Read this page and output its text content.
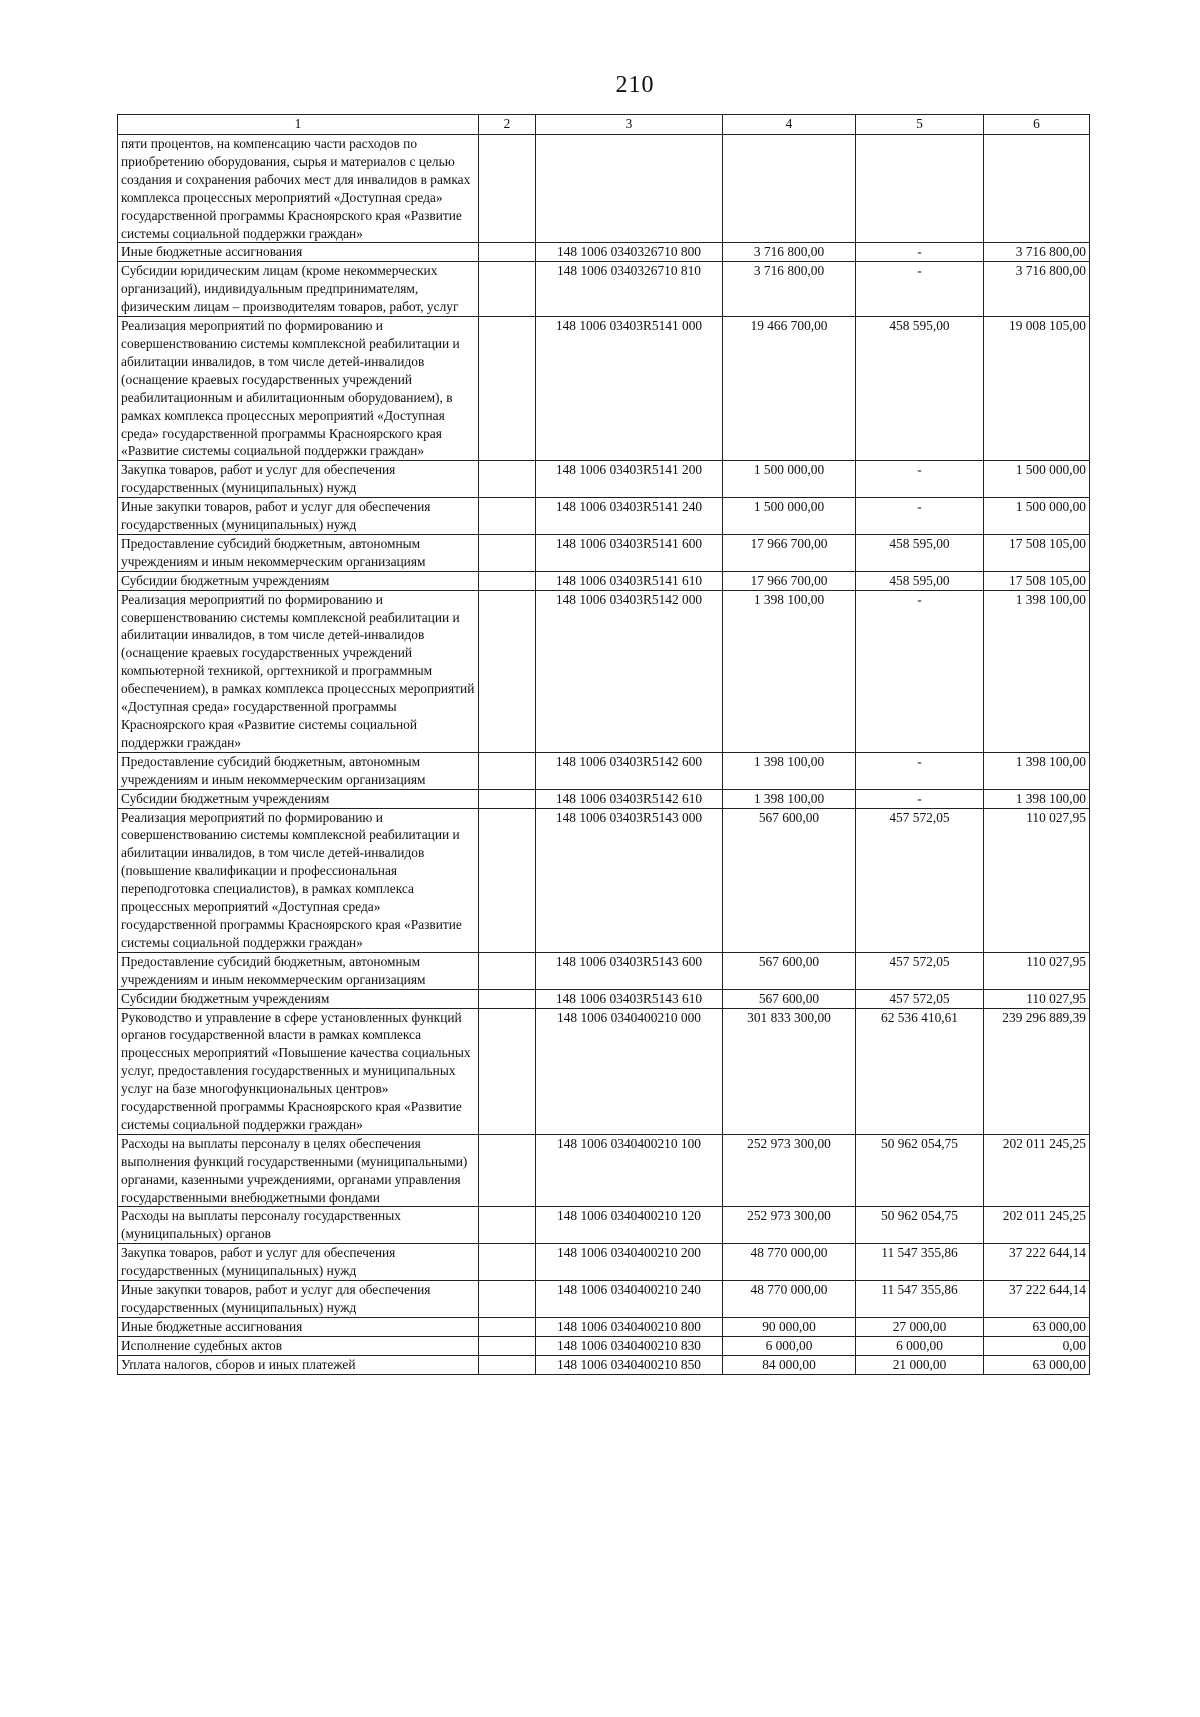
210
1	2	3	4	5	6
пяти процентов, на компенсацию части расходов по приобретению оборудования, сырья и материалов с целью создания и сохранения рабочих мест для инвалидов в рамках комплекса процессных мероприятий «Доступная среда» государственной программы Красноярского края «Развитие системы социальной поддержки граждан»					
Иные бюджетные ассигнования		148 1006 0340326710 800	3 716 800,00	-	3 716 800,00
Субсидии юридическим лицам (кроме некоммерческих организаций), индивидуальным предпринимателям, физическим лицам – производителям товаров, работ, услуг		148 1006 0340326710 810	3 716 800,00	-	3 716 800,00
Реализация мероприятий по формированию и совершенствованию системы комплексной реабилитации и абилитации инвалидов, в том числе детей-инвалидов (оснащение краевых государственных учреждений реабилитационным и абилитационным оборудованием), в рамках комплекса процессных мероприятий «Доступная среда» государственной программы Красноярского края «Развитие системы социальной поддержки граждан»		148 1006 03403R5141 000	19 466 700,00	458 595,00	19 008 105,00
Закупка товаров, работ и услуг для обеспечения государственных (муниципальных) нужд		148 1006 03403R5141 200	1 500 000,00	-	1 500 000,00
Иные закупки товаров, работ и услуг для обеспечения государственных (муниципальных) нужд		148 1006 03403R5141 240	1 500 000,00	-	1 500 000,00
Предоставление субсидий бюджетным, автономным учреждениям и иным некоммерческим организациям		148 1006 03403R5141 600	17 966 700,00	458 595,00	17 508 105,00
Субсидии бюджетным учреждениям		148 1006 03403R5141 610	17 966 700,00	458 595,00	17 508 105,00
Реализация мероприятий по формированию и совершенствованию системы комплексной реабилитации и абилитации инвалидов, в том числе детей-инвалидов (оснащение краевых государственных учреждений компьютерной техникой, оргтехникой и программным обеспечением), в рамках комплекса процессных мероприятий «Доступная среда» государственной программы Красноярского края «Развитие системы социальной поддержки граждан»		148 1006 03403R5142 000	1 398 100,00	-	1 398 100,00
Предоставление субсидий бюджетным, автономным учреждениям и иным некоммерческим организациям		148 1006 03403R5142 600	1 398 100,00	-	1 398 100,00
Субсидии бюджетным учреждениям		148 1006 03403R5142 610	1 398 100,00	-	1 398 100,00
Реализация мероприятий по формированию и совершенствованию системы комплексной реабилитации и абилитации инвалидов, в том числе детей-инвалидов (повышение квалификации и профессиональная переподготовка специалистов), в рамках комплекса процессных мероприятий «Доступная среда» государственной программы Красноярского края «Развитие системы социальной поддержки граждан»		148 1006 03403R5143 000	567 600,00	457 572,05	110 027,95
Предоставление субсидий бюджетным, автономным учреждениям и иным некоммерческим организациям		148 1006 03403R5143 600	567 600,00	457 572,05	110 027,95
Субсидии бюджетным учреждениям		148 1006 03403R5143 610	567 600,00	457 572,05	110 027,95
Руководство и управление в сфере установленных функций органов государственной власти в рамках комплекса процессных мероприятий «Повышение качества социальных услуг, предоставления государственных и муниципальных услуг на базе многофункциональных центров» государственной программы Красноярского края «Развитие системы социальной поддержки граждан»		148 1006 0340400210 000	301 833 300,00	62 536 410,61	239 296 889,39
Расходы на выплаты персоналу в целях обеспечения выполнения функций государственными (муниципальными) органами, казенными учреждениями, органами управления государственными внебюджетными фондами		148 1006 0340400210 100	252 973 300,00	50 962 054,75	202 011 245,25
Расходы на выплаты персоналу государственных (муниципальных) органов		148 1006 0340400210 120	252 973 300,00	50 962 054,75	202 011 245,25
Закупка товаров, работ и услуг для обеспечения государственных (муниципальных) нужд		148 1006 0340400210 200	48 770 000,00	11 547 355,86	37 222 644,14
Иные закупки товаров, работ и услуг для обеспечения государственных (муниципальных) нужд		148 1006 0340400210 240	48 770 000,00	11 547 355,86	37 222 644,14
Иные бюджетные ассигнования		148 1006 0340400210 800	90 000,00	27 000,00	63 000,00
Исполнение судебных актов		148 1006 0340400210 830	6 000,00	6 000,00	0,00
Уплата налогов, сборов и иных платежей		148 1006 0340400210 850	84 000,00	21 000,00	63 000,00
